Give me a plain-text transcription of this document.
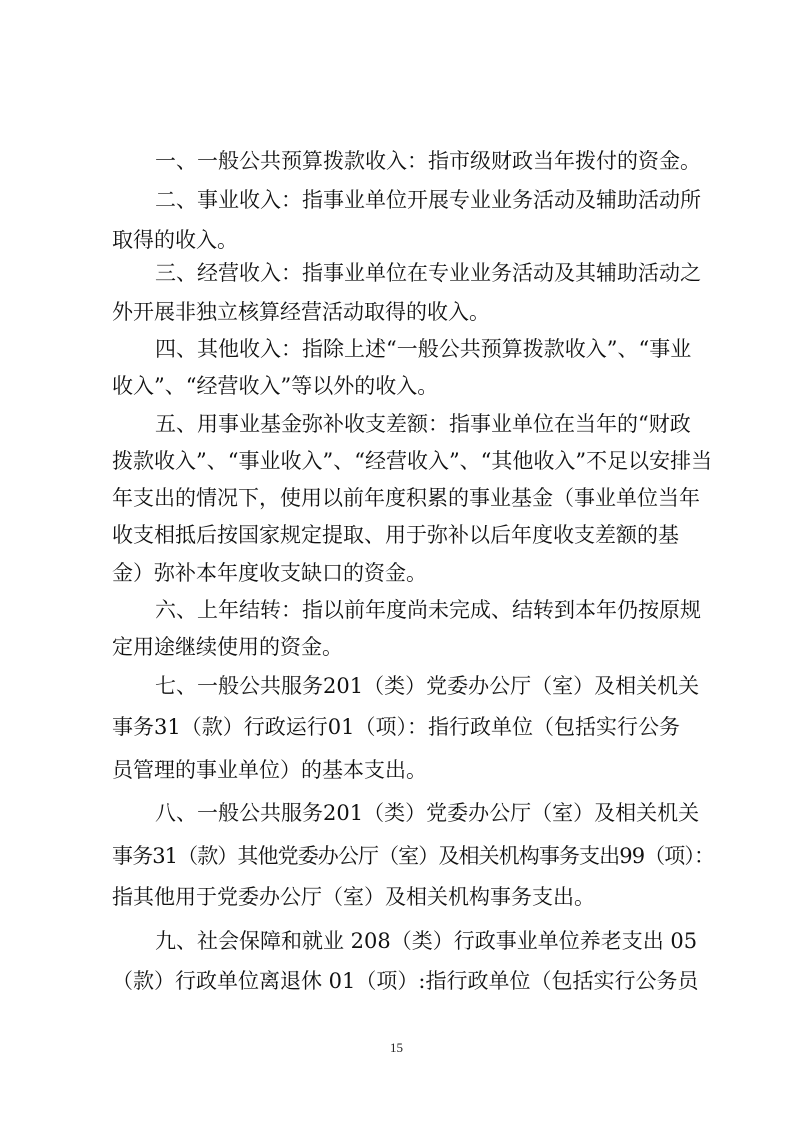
一、一般公共预算拨款收入：指市级财政当年拨付的资金。
二、事业收入：指事业单位开展专业业务活动及辅助活动所
取得的收入。
三、经营收入：指事业单位在专业业务活动及其辅助活动之
外开展非独立核算经营活动取得的收入。
四、其他收入：指除上述“一般公共预算拨款收入”、“事业
收入”、“经营收入”等以外的收入。
五、用事业基金弥补收支差额：指事业单位在当年的“财政
拨款收入”、“事业收入”、“经营收入”、“其他收入”不足以安排当
年支出的情况下，使用以前年度积累的事业基金（事业单位当年
收支相抵后按国家规定提取、用于弥补以后年度收支差额的基
金）弥补本年度收支缺口的资金。
六、上年结转：指以前年度尚未完成、结转到本年仍按原规
定用途继续使用的资金。
七、一般公共服务201（类）党委办公厅（室）及相关机关
事务31（款）行政运行01（项）：指行政单位（包括实行公务
员管理的事业单位）的基本支出。
八、一般公共服务201（类）党委办公厅（室）及相关机关
事务31（款）其他党委办公厅（室）及相关机构事务支出99（项）：
指其他用于党委办公厅（室）及相关机构事务支出。
九、社会保障和就业 208（类）行政事业单位养老支出 05
（款）行政单位离退休 01（项）:指行政单位（包括实行公务员
15
